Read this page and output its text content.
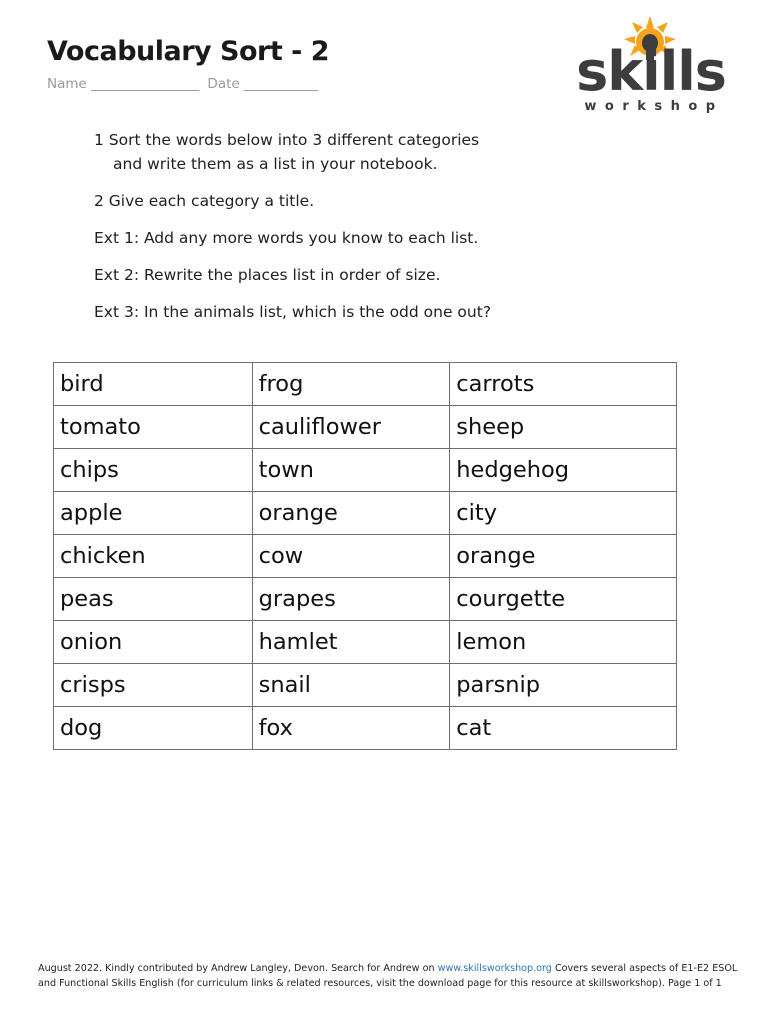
Vocabulary Sort - 2
Name ________________ Date ___________	skills
workshop

1 Sort the words below into 3 different categories

and write them as a list in your notebook.

2 Give each category a title.

Ext 1: Add any more words you know to each list.

Ext 2: Rewrite the places list in order of size.

Ext 3: In the animals list, which is the odd one out?

bird	frog	carrots
tomato	cauliflower	sheep
chips	town	hedgehog
apple	orange	city
chicken	cow	orange
peas	grapes	courgette
onion	hamlet	lemon
crisps	snail	parsnip
dog	fox	cat
August 2022. Kindly contributed by Andrew Langley, Devon. Search for Andrew on www.skillsworkshop.org Covers several aspects of E1-E2 ESOL and Functional Skills English (for curriculum links & related resources, visit the download page for this resource at skillsworkshop). Page 1 of 1
